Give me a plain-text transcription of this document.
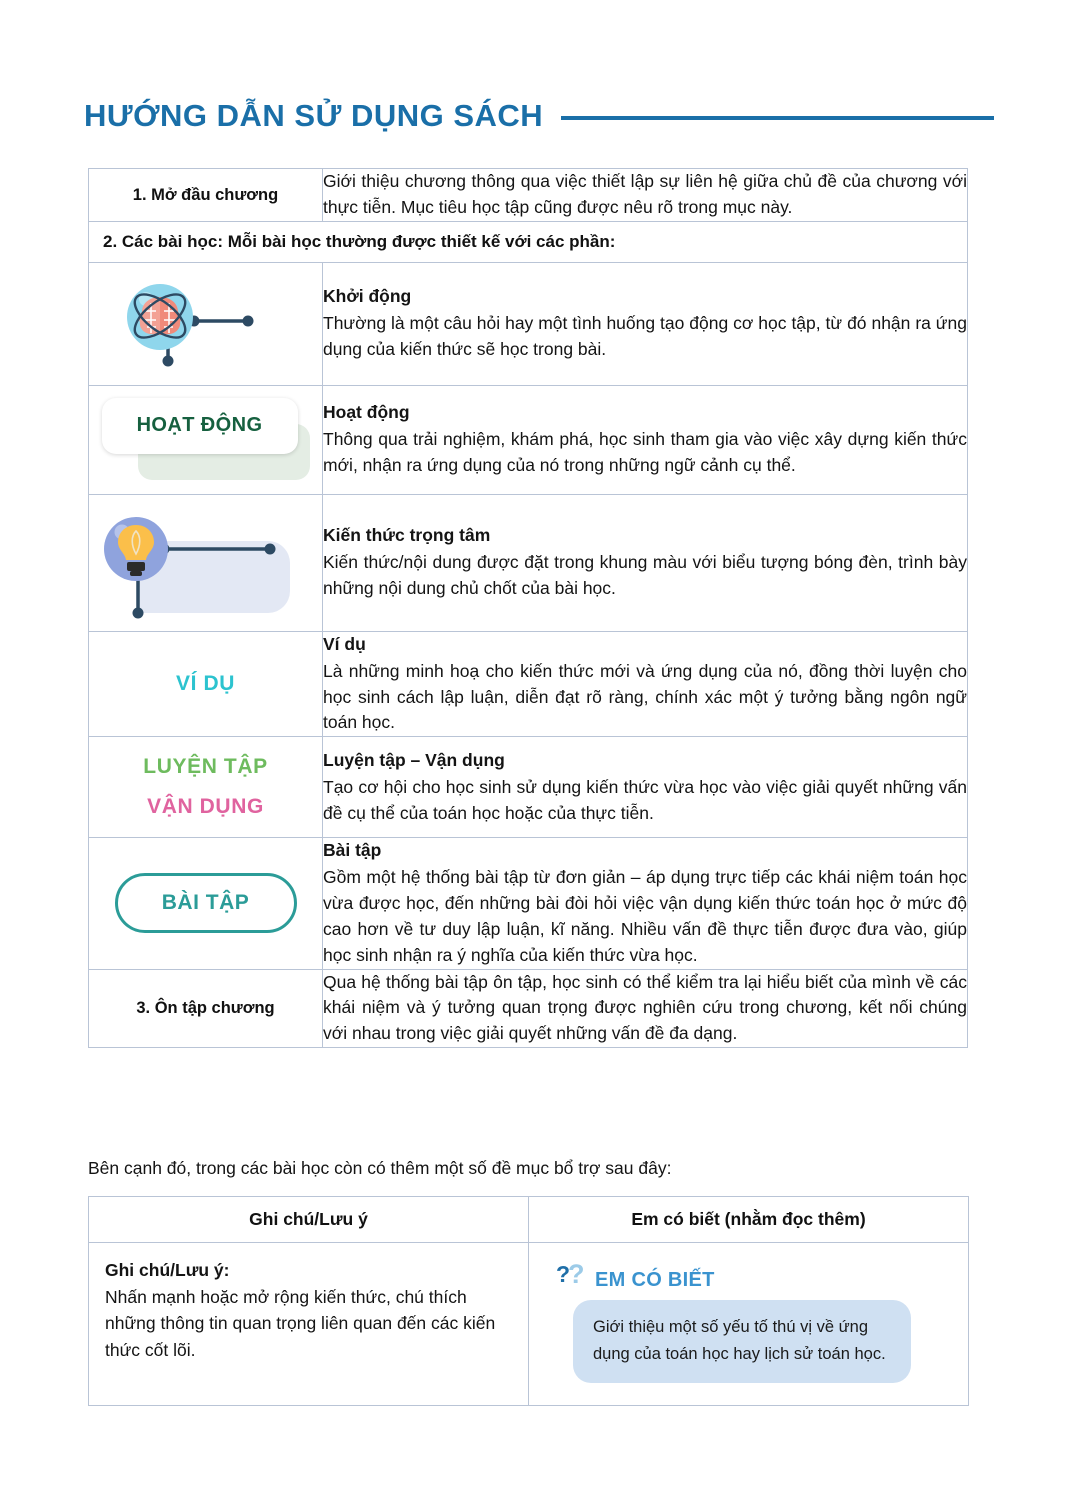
HƯỚNG DẪN SỬ DỤNG SÁCH
1. Mở đầu chương	Giới thiệu chương thông qua việc thiết lập sự liên hệ giữa chủ đề của chương với thực tiễn. Mục tiêu học tập cũng được nêu rõ trong mục này.
2. Các bài học: Mỗi bài học thường được thiết kế với các phần:	

Khởi động
Thường là một câu hỏi hay một tình huống tạo động cơ học tập, từ đó nhận ra ứng dụng của kiến thức sẽ học trong bài.

HOẠT ĐỘNG	Hoạt động
Thông qua trải nghiệm, khám phá, học sinh tham gia vào việc xây dựng kiến thức mới, nhận ra ứng dụng của nó trong những ngữ cảnh cụ thể.

Kiến thức trọng tâm
Kiến thức/nội dung được đặt trong khung màu với biểu tượng bóng đèn, trình bày những nội dung chủ chốt của bài học.

VÍ DỤ	Ví dụ
Là những minh hoạ cho kiến thức mới và ứng dụng của nó, đồng thời luyện cho học sinh cách lập luận, diễn đạt rõ ràng, chính xác một ý tưởng bằng ngôn ngữ toán học.

LUYỆN TẬP
VẬN DỤNG

Luyện tập – Vận dụng
Tạo cơ hội cho học sinh sử dụng kiến thức vừa học vào việc giải quyết những vấn đề cụ thể của toán học hoặc của thực tiễn.

BÀI TẬP	Bài tập
Gồm một hệ thống bài tập từ đơn giản – áp dụng trực tiếp các khái niệm toán học vừa được học, đến những bài đòi hỏi việc vận dụng kiến thức toán học ở mức độ cao hơn về tư duy lập luận, kĩ năng. Nhiều vấn đề thực tiễn được đưa vào, giúp học sinh nhận ra ý nghĩa của kiến thức vừa học.

3. Ôn tập chương	Qua hệ thống bài tập ôn tập, học sinh có thể kiểm tra lại hiểu biết của mình về các khái niệm và ý tưởng quan trọng được nghiên cứu trong chương, kết nối chúng với nhau trong việc giải quyết những vấn đề đa dạng.
Bên cạnh đó, trong các bài học còn có thêm một số đề mục bổ trợ sau đây:
Ghi chú/Lưu ý	Em có biết (nhằm đọc thêm)

Ghi chú/Lưu ý:
Nhấn mạnh hoặc mở rộng kiến thức, chú thích những thông tin quan trọng liên quan đến các kiến thức cốt lõi.

?
? EM CÓ BIẾT
Giới thiệu một số yếu tố thú vị về ứng dụng của toán học hay lịch sử toán học.
